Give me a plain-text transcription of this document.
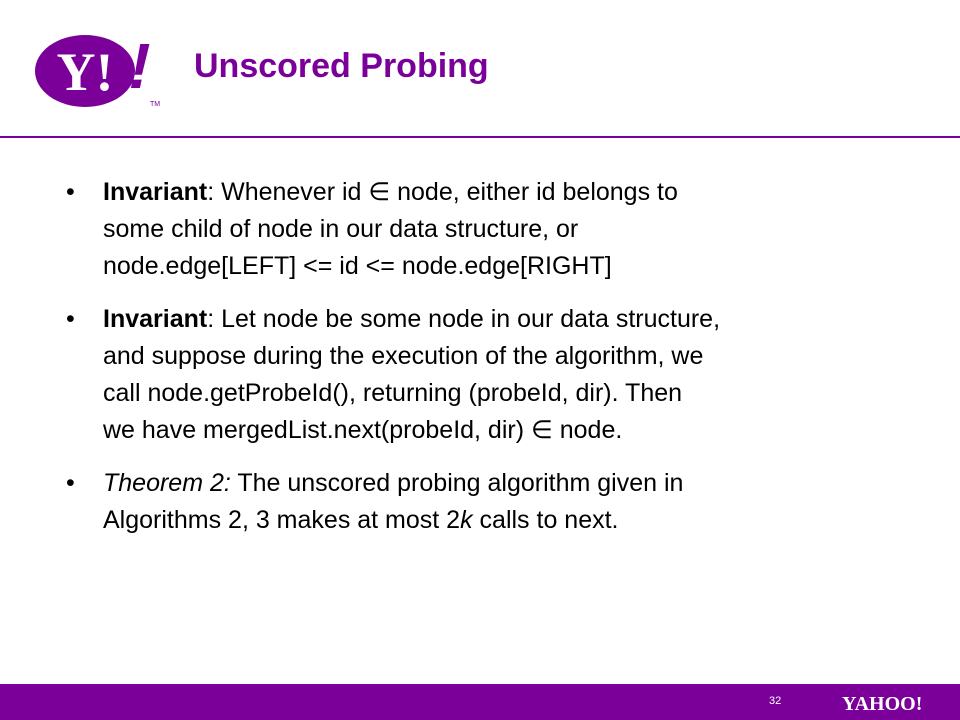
Y! !
TM
Unscored Probing
• Invariant: Whenever id ∈ node, either id belongs to
some child of node in our data structure, or
node.edge[LEFT] <= id <= node.edge[RIGHT]
• Invariant: Let node be some node in our data structure,
and suppose during the execution of the algorithm, we
call node.getProbeId(), returning (probeId, dir). Then
we have mergedList.next(probeId, dir) ∈ node.
• Theorem 2: The unscored probing algorithm given in
Algorithms 2, 3 makes at most 2k calls to next.
32	YAHOO!
